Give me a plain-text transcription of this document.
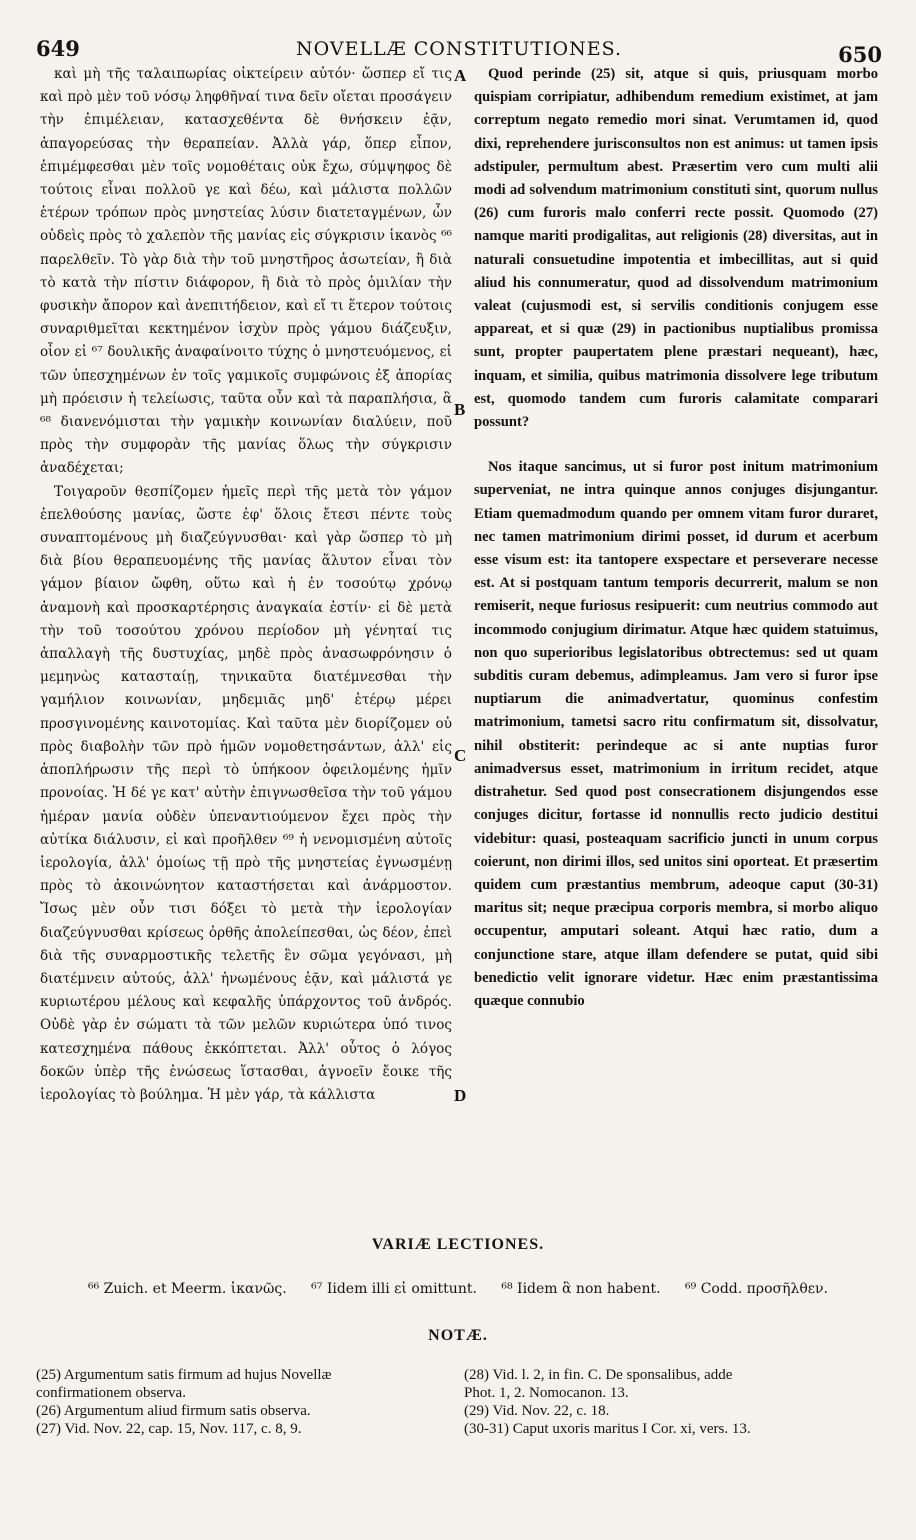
649	NOVELLÆ CONSTITUTIONES.	650

καὶ μὴ τῆς ταλαιπωρίας οἰκτείρειν αὐτόν· ὥσπερ εἴ τις καὶ πρὸ μὲν τοῦ νόσῳ ληφθῆναί τινα δεῖν οἴεται προσάγειν τὴν ἐπιμέλειαν, κατασχεθέντα δὲ θνήσκειν ἐᾷν, ἀπαγορεύσας τὴν θεραπείαν. Ἀλλὰ γάρ, ὅπερ εἶπον, ἐπιμέμφεσθαι μὲν τοῖς νομοθέταις οὐκ ἔχω, σύμψηφος δὲ τούτοις εἶναι πολλοῦ γε καὶ δέω, καὶ μάλιστα πολλῶν ἑτέρων τρόπων πρὸς μνηστείας λύσιν διατεταγμένων, ὧν οὐδεὶς πρὸς τὸ χαλεπὸν τῆς μανίας εἰς σύγκρισιν ἱκανὸς ⁶⁶ παρελθεῖν. Τὸ γὰρ διὰ τὴν τοῦ μνηστῆρος ἀσωτείαν, ἢ διὰ τὸ κατὰ τὴν πίστιν διάφορον, ἢ διὰ τὸ πρὸς ὁμιλίαν τὴν φυσικὴν ἄπορον καὶ ἀνεπιτήδειον, καὶ εἴ τι ἕτερον τούτοις συναριθμεῖται κεκτημένον ἰσχὺν πρὸς γάμου διάζευξιν, οἷον εἰ ⁶⁷ δουλικῆς ἀναφαίνοιτο τύχης ὁ μνηστευόμενος, εἰ τῶν ὑπεσχημένων ἐν τοῖς γαμικοῖς συμφώνοις ἐξ ἀπορίας μὴ πρόεισιν ἡ τελείωσις, ταῦτα οὖν καὶ τὰ παραπλήσια, ἃ ⁶⁸ διανενόμισται τὴν γαμικὴν κοινωνίαν διαλύειν, ποῦ πρὸς τὴν συμφορὰν τῆς μανίας ὅλως τὴν σύγκρισιν ἀναδέχεται;

Τοιγαροῦν θεσπίζομεν ἡμεῖς περὶ τῆς μετὰ τὸν γάμον ἐπελθούσης μανίας, ὥστε ἐφ' ὅλοις ἔτεσι πέντε τοὺς συναπτομένους μὴ διαζεύγνυσθαι· καὶ γὰρ ὥσπερ τὸ μὴ διὰ βίου θεραπευομένης τῆς μανίας ἅλυτον εἶναι τὸν γάμον βίαιον ὤφθη, οὕτω καὶ ἡ ἐν τοσούτῳ χρόνῳ ἀναμονὴ καὶ προσκαρτέρησις ἀναγκαία ἐστίν· εἰ δὲ μετὰ τὴν τοῦ τοσούτου χρόνου περίοδον μὴ γένηταί τις ἀπαλλαγὴ τῆς δυστυχίας, μηδὲ πρὸς ἀνασωφρόνησιν ὁ μεμηνὼς κατασταίῃ, τηνικαῦτα διατέμνεσθαι τὴν γαμήλιον κοινωνίαν, μηδεμιᾶς μηδ' ἑτέρῳ μέρει προσγινομένης καινοτομίας. Καὶ ταῦτα μὲν διορίζομεν οὐ πρὸς διαβολὴν τῶν πρὸ ἡμῶν νομοθετησάντων, ἀλλ' εἰς ἀποπλήρωσιν τῆς περὶ τὸ ὑπήκοον ὀφειλομένης ἡμῖν προνοίας. Ἡ δέ γε κατ' αὐτὴν ἐπιγνωσθεῖσα τὴν τοῦ γάμου ἡμέραν μανία οὐδὲν ὑπεναντιούμενον ἔχει πρὸς τὴν αὐτίκα διάλυσιν, εἰ καὶ προῆλθεν ⁶⁹ ἡ νενομισμένη αὐτοῖς ἱερολογία, ἀλλ' ὁμοίως τῇ πρὸ τῆς μνηστείας ἐγνωσμένῃ πρὸς τὸ ἀκοινώνητον καταστήσεται καὶ ἀνάρμοστον. Ἴσως μὲν οὖν τισι δόξει τὸ μετὰ τὴν ἱερολογίαν διαζεύγνυσθαι κρίσεως ὀρθῆς ἀπολείπεσθαι, ὡς δέον, ἐπεὶ διὰ τῆς συναρμοστικῆς τελετῆς ἓν σῶμα γεγόνασι, μὴ διατέμνειν αὐτούς, ἀλλ' ἡνωμένους ἐᾷν, καὶ μάλιστά γε κυριωτέρου μέλους καὶ κεφαλῆς ὑπάρχοντος τοῦ ἀνδρός. Οὐδὲ γὰρ ἐν σώματι τὰ τῶν μελῶν κυριώτερα ὑπό τινος κατεσχημένα πάθους ἐκκόπτεται. Ἀλλ' οὗτος ὁ λόγος δοκῶν ὑπὲρ τῆς ἑνώσεως ἵστασθαι, ἀγνοεῖν ἔοικε τῆς ἱερολογίας τὸ βούλημα. Ἡ μὲν γάρ, τὰ κάλλιστα

A
B
C
D

Quod perinde (25) sit, atque si quis, priusquam morbo quispiam corripiatur, adhibendum remedium existimet, at jam correptum negato remedio mori sinat. Verumtamen id, quod dixi, reprehendere jurisconsultos non est animus: ut tamen ipsis adstipuler, permultum abest. Præsertim vero cum multi alii modi ad solvendum matrimonium constituti sint, quorum nullus (26) cum furoris malo conferri recte possit. Quomodo (27) namque mariti prodigalitas, aut religionis (28) diversitas, aut in naturali consuetudine impotentia et imbecillitas, aut si quid aliud his connumeratur, quod ad dissolvendum matrimonium valeat (cujusmodi est, si servilis conditionis conjugem esse appareat, et si quæ (29) in pactionibus nuptialibus promissa sunt, propter paupertatem plene præstari nequeant), hæc, inquam, et similia, quibus matrimonia dissolvere lege tributum est, quomodo tandem cum furoris calamitate comparari possunt?

Nos itaque sancimus, ut si furor post initum matrimonium superveniat, ne intra quinque annos conjuges disjungantur. Etiam quemadmodum quando per omnem vitam furor duraret, nec tamen matrimonium dirimi posset, id durum et acerbum esse visum est: ita tantopere exspectare et perseverare necesse est. At si postquam tantum temporis decurrerit, malum se non remiserit, neque furiosus resipuerit: cum neutrius commodo aut incommodo conjugium dirimatur. Atque hæc quidem statuimus, non quo superioribus legislatoribus obtrectemus: sed ut quam subditis curam debemus, adimpleamus. Jam vero si furor ipse nuptiarum die animadvertatur, quominus confestim matrimonium, tametsi sacro ritu confirmatum sit, dissolvatur, nihil obstiterit: perindeque ac si ante nuptias furor animadversus esset, matrimonium in irritum recidet, atque distrahetur. Sed quod post consecrationem disjungendos esse conjuges dicitur, fortasse id nonnullis recto judicio destitui videbitur: quasi, posteaquam sacrificio juncti in unum corpus coierunt, non dirimi illos, sed unitos sini oporteat. Et præsertim quidem cum præstantius membrum, adeoque caput (30-31) maritus sit; neque præcipua corporis membra, si morbo aliquo occupentur, amputari soleant. Atqui hæc ratio, dum a conjunctione stare, atque illam defendere se putat, quid sibi benedictio velit ignorare videtur. Hæc enim præstantissima quæque connubio

VARIÆ LECTIONES.
⁶⁶ Zuich. et Meerm. ἱκανῶς. ⁶⁷ Iidem illi εἰ omittunt. ⁶⁸ Iidem ἃ non habent. ⁶⁹ Codd. προσῆλθεν.
NOTÆ.
(25) Argumentum satis firmum ad hujus Novellæ
confirmationem observa.
(26) Argumentum aliud firmum satis observa.
(27) Vid. Nov. 22, cap. 15, Nov. 117, c. 8, 9.
(28) Vid. l. 2, in fin. C. De sponsalibus, adde
Phot. 1, 2. Nomocanon. 13.
(29) Vid. Nov. 22, c. 18.
(30-31) Caput uxoris maritus I Cor. xi, vers. 13.
